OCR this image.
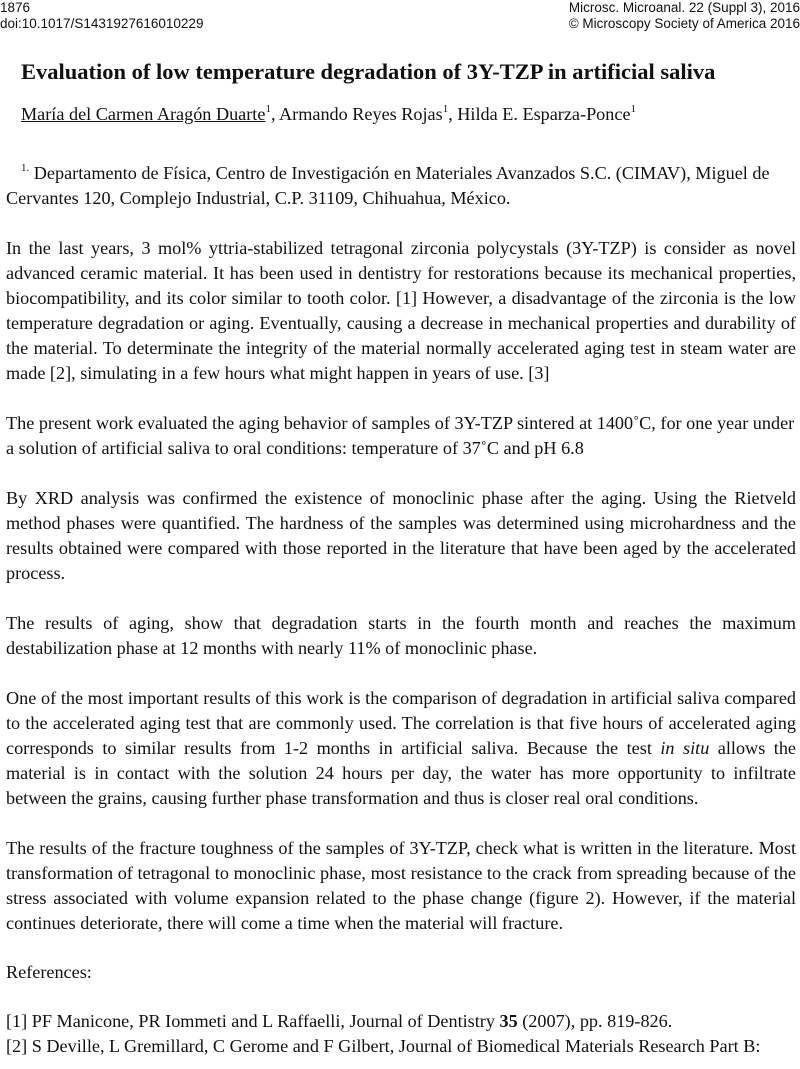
1876
doi:10.1017/S1431927616010229
Microsc. Microanal. 22 (Suppl 3), 2016
© Microscopy Society of America 2016
Evaluation of low temperature degradation of 3Y-TZP in artificial saliva
María del Carmen Aragón Duarte$^1$, Armando Reyes Rojas$^1$, Hilda E. Esparza-Ponce$^1$

$^{1.}$ Departamento de Física, Centro de Investigación en Materiales Avanzados S.C. (CIMAV), Miguel de Cervantes 120, Complejo Industrial, C.P. 31109, Chihuahua, México.

In the last years, 3 mol% yttria-stabilized tetragonal zirconia polycystals (3Y-TZP) is consider as novel advanced ceramic material. It has been used in dentistry for restorations because its mechanical properties, biocompatibility, and its color similar to tooth color. [1] However, a disadvantage of the zirconia is the low temperature degradation or aging. Eventually, causing a decrease in mechanical properties and durability of the material. To determinate the integrity of the material normally accelerated aging test in steam water are made [2], simulating in a few hours what might happen in years of use. [3]

The present work evaluated the aging behavior of samples of 3Y-TZP sintered at 1400˚C, for one year under a solution of artificial saliva to oral conditions: temperature of 37˚C and pH 6.8

By XRD analysis was confirmed the existence of monoclinic phase after the aging. Using the Rietveld method phases were quantified. The hardness of the samples was determined using microhardness and the results obtained were compared with those reported in the literature that have been aged by the accelerated process.

The results of aging, show that degradation starts in the fourth month and reaches the maximum destabilization phase at 12 months with nearly 11% of monoclinic phase.

One of the most important results of this work is the comparison of degradation in artificial saliva compared to the accelerated aging test that are commonly used. The correlation is that five hours of accelerated aging corresponds to similar results from 1-2 months in artificial saliva. Because the test in situ allows the material is in contact with the solution 24 hours per day, the water has more opportunity to infiltrate between the grains, causing further phase transformation and thus is closer real oral conditions.

The results of the fracture toughness of the samples of 3Y-TZP, check what is written in the literature. Most transformation of tetragonal to monoclinic phase, most resistance to the crack from spreading because of the stress associated with volume expansion related to the phase change (figure 2). However, if the material continues deteriorate, there will come a time when the material will fracture.

References:

[1] PF Manicone, PR Iommeti and L Raffaelli, Journal of Dentistry 35 (2007), pp. 819-826.

[2] S Deville, L Gremillard, C Gerome and F Gilbert, Journal of Biomedical Materials Research Part B:
